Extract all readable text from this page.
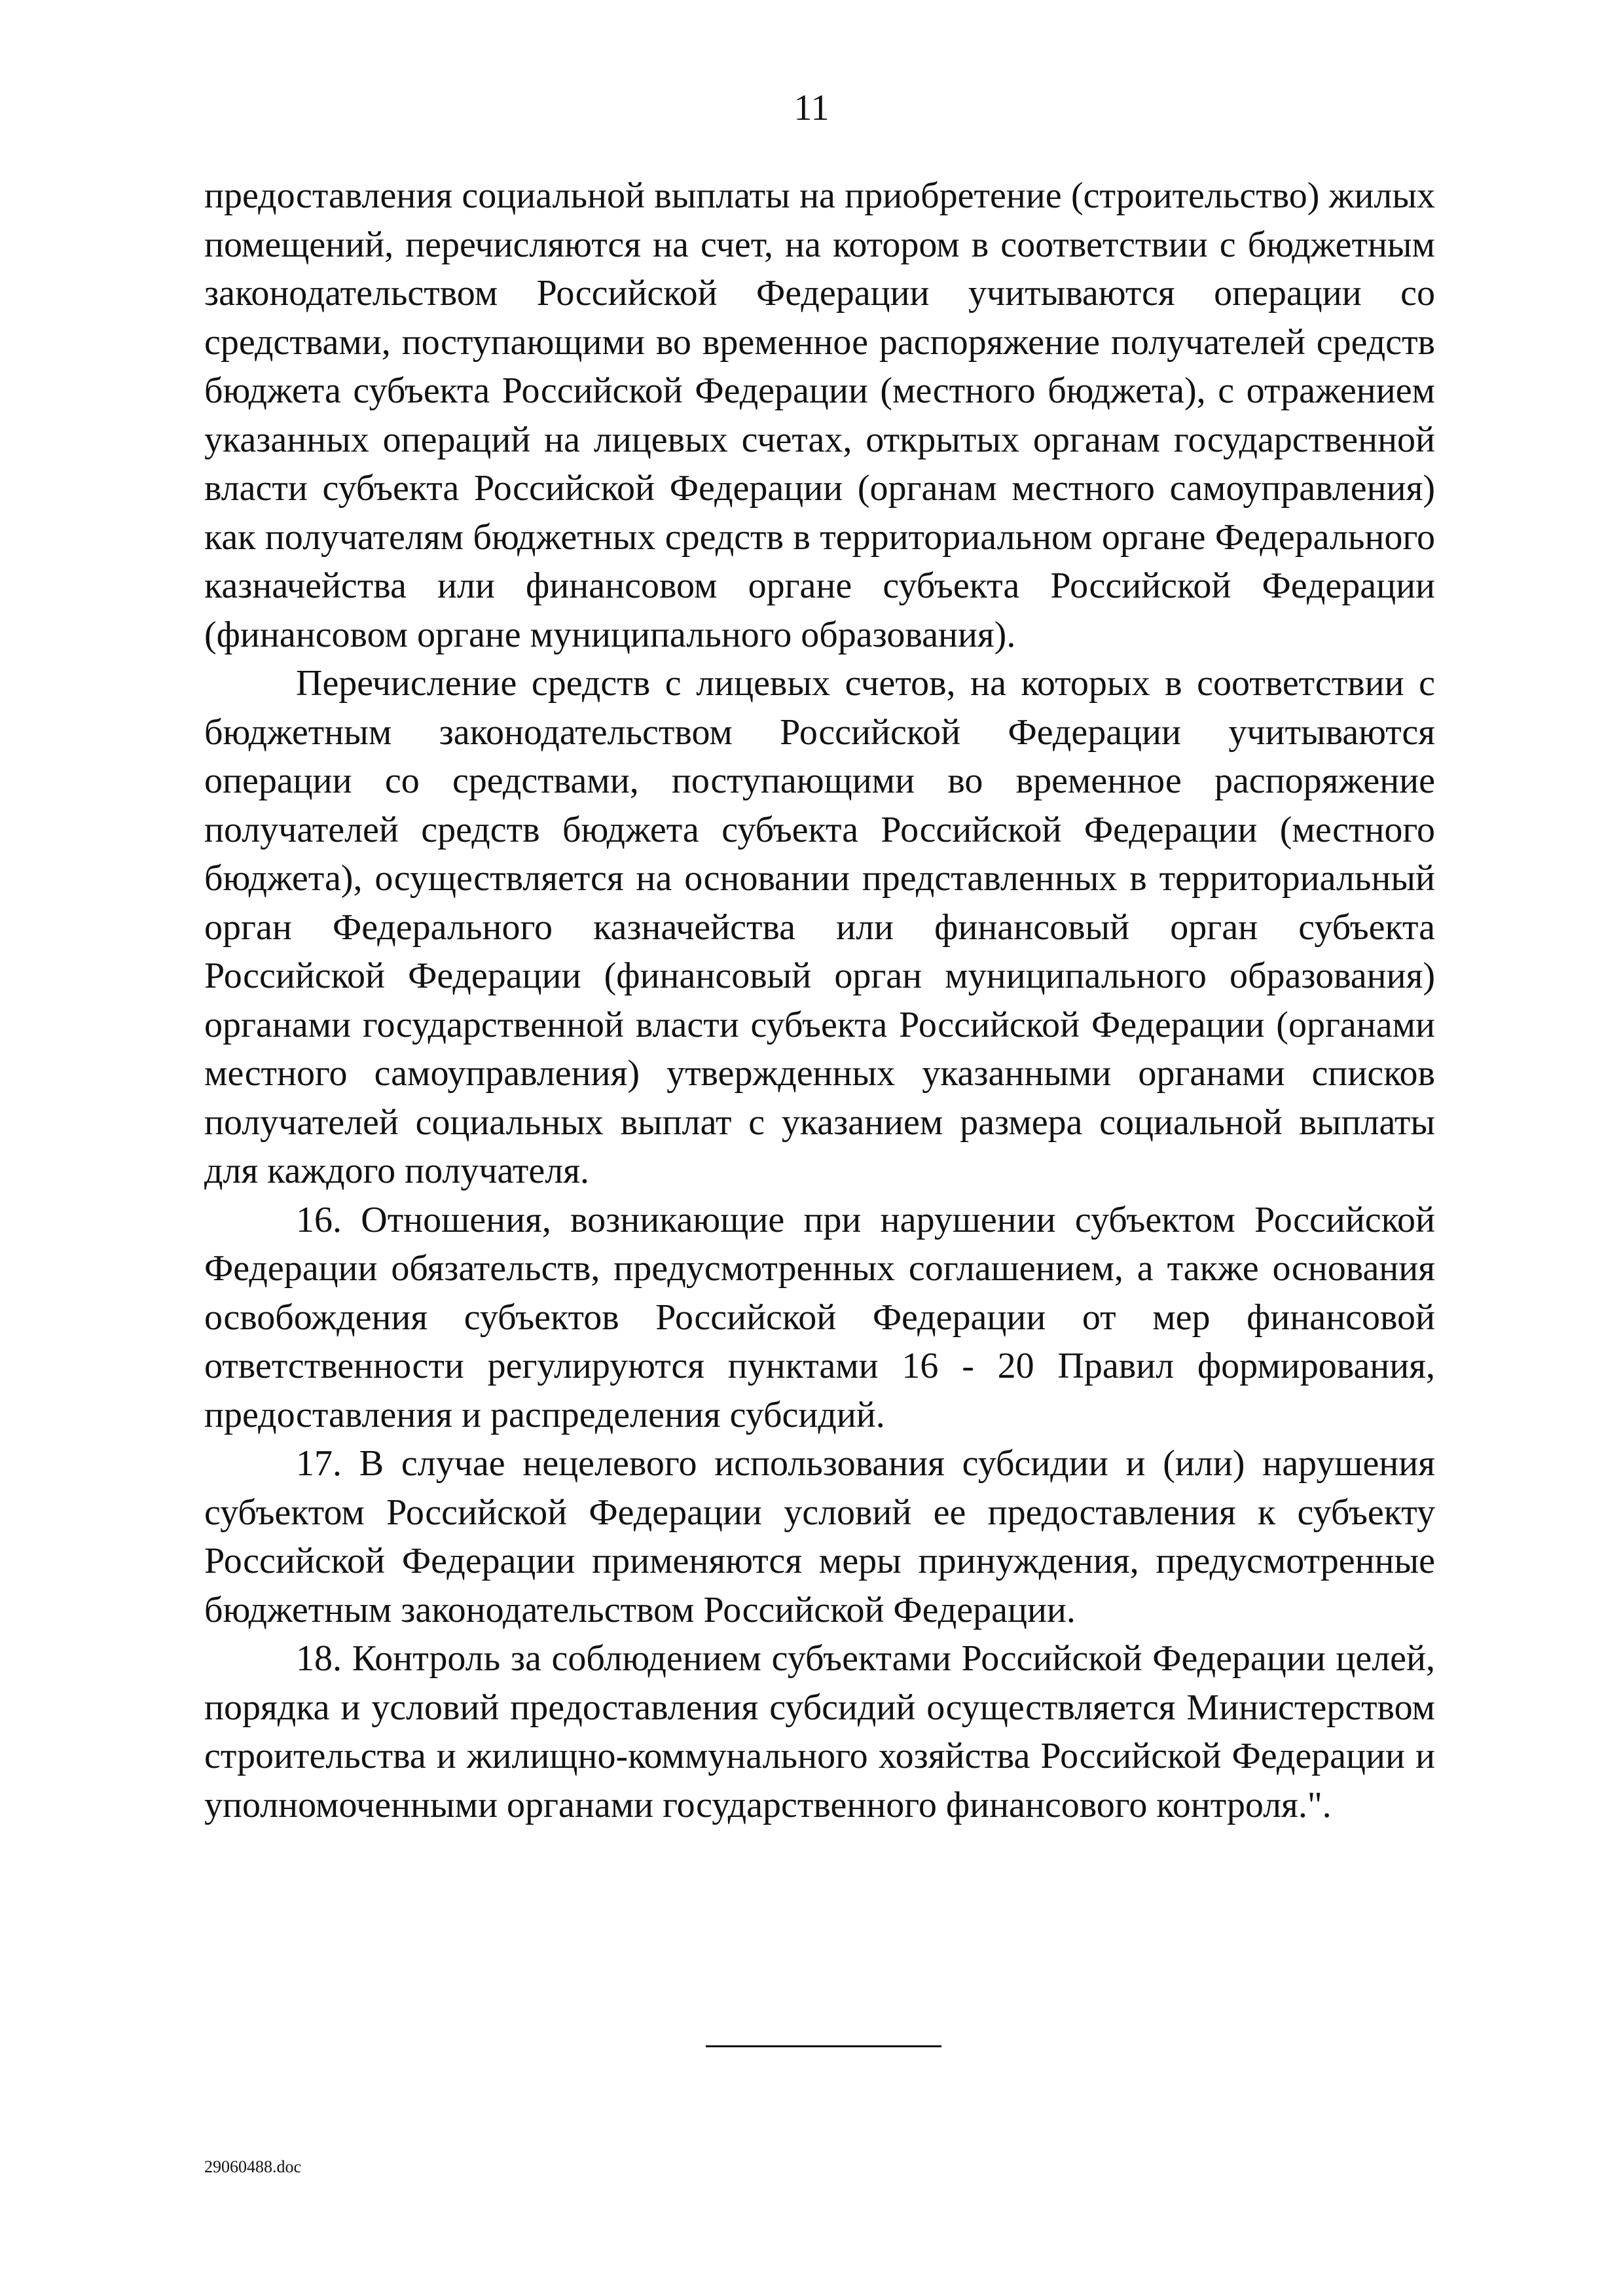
11

предоставления социальной выплаты на приобретение (строительство) жилых помещений, перечисляются на счет, на котором в соответствии с бюджетным законодательством Российской Федерации учитываются операции со средствами, поступающими во временное распоряжение получателей средств бюджета субъекта Российской Федерации (местного бюджета), с отражением указанных операций на лицевых счетах, открытых органам государственной власти субъекта Российской Федерации (органам местного самоуправления) как получателям бюджетных средств в территориальном органе Федерального казначейства или финансовом органе субъекта Российской Федерации (финансовом органе муниципального образования).

Перечисление средств с лицевых счетов, на которых в соответствии с бюджетным законодательством Российской Федерации учитываются операции со средствами, поступающими во временное распоряжение получателей средств бюджета субъекта Российской Федерации (местного бюджета), осуществляется на основании представленных в территориальный орган Федерального казначейства или финансовый орган субъекта Российской Федерации (финансовый орган муниципального образования) органами государственной власти субъекта Российской Федерации (органами местного самоуправления) утвержденных указанными органами списков получателей социальных выплат с указанием размера социальной выплаты для каждого получателя.

16. Отношения, возникающие при нарушении субъектом Российской Федерации обязательств, предусмотренных соглашением, а также основания освобождения субъектов Российской Федерации от мер финансовой ответственности регулируются пунктами 16 - 20 Правил формирования, предоставления и распределения субсидий.

17. В случае нецелевого использования субсидии и (или) нарушения субъектом Российской Федерации условий ее предоставления к субъекту Российской Федерации применяются меры принуждения, предусмотренные бюджетным законодательством Российской Федерации.

18. Контроль за соблюдением субъектами Российской Федерации целей, порядка и условий предоставления субсидий осуществляется Министерством строительства и жилищно-коммунального хозяйства Российской Федерации и уполномоченными органами государственного финансового контроля.".

29060488.doc
